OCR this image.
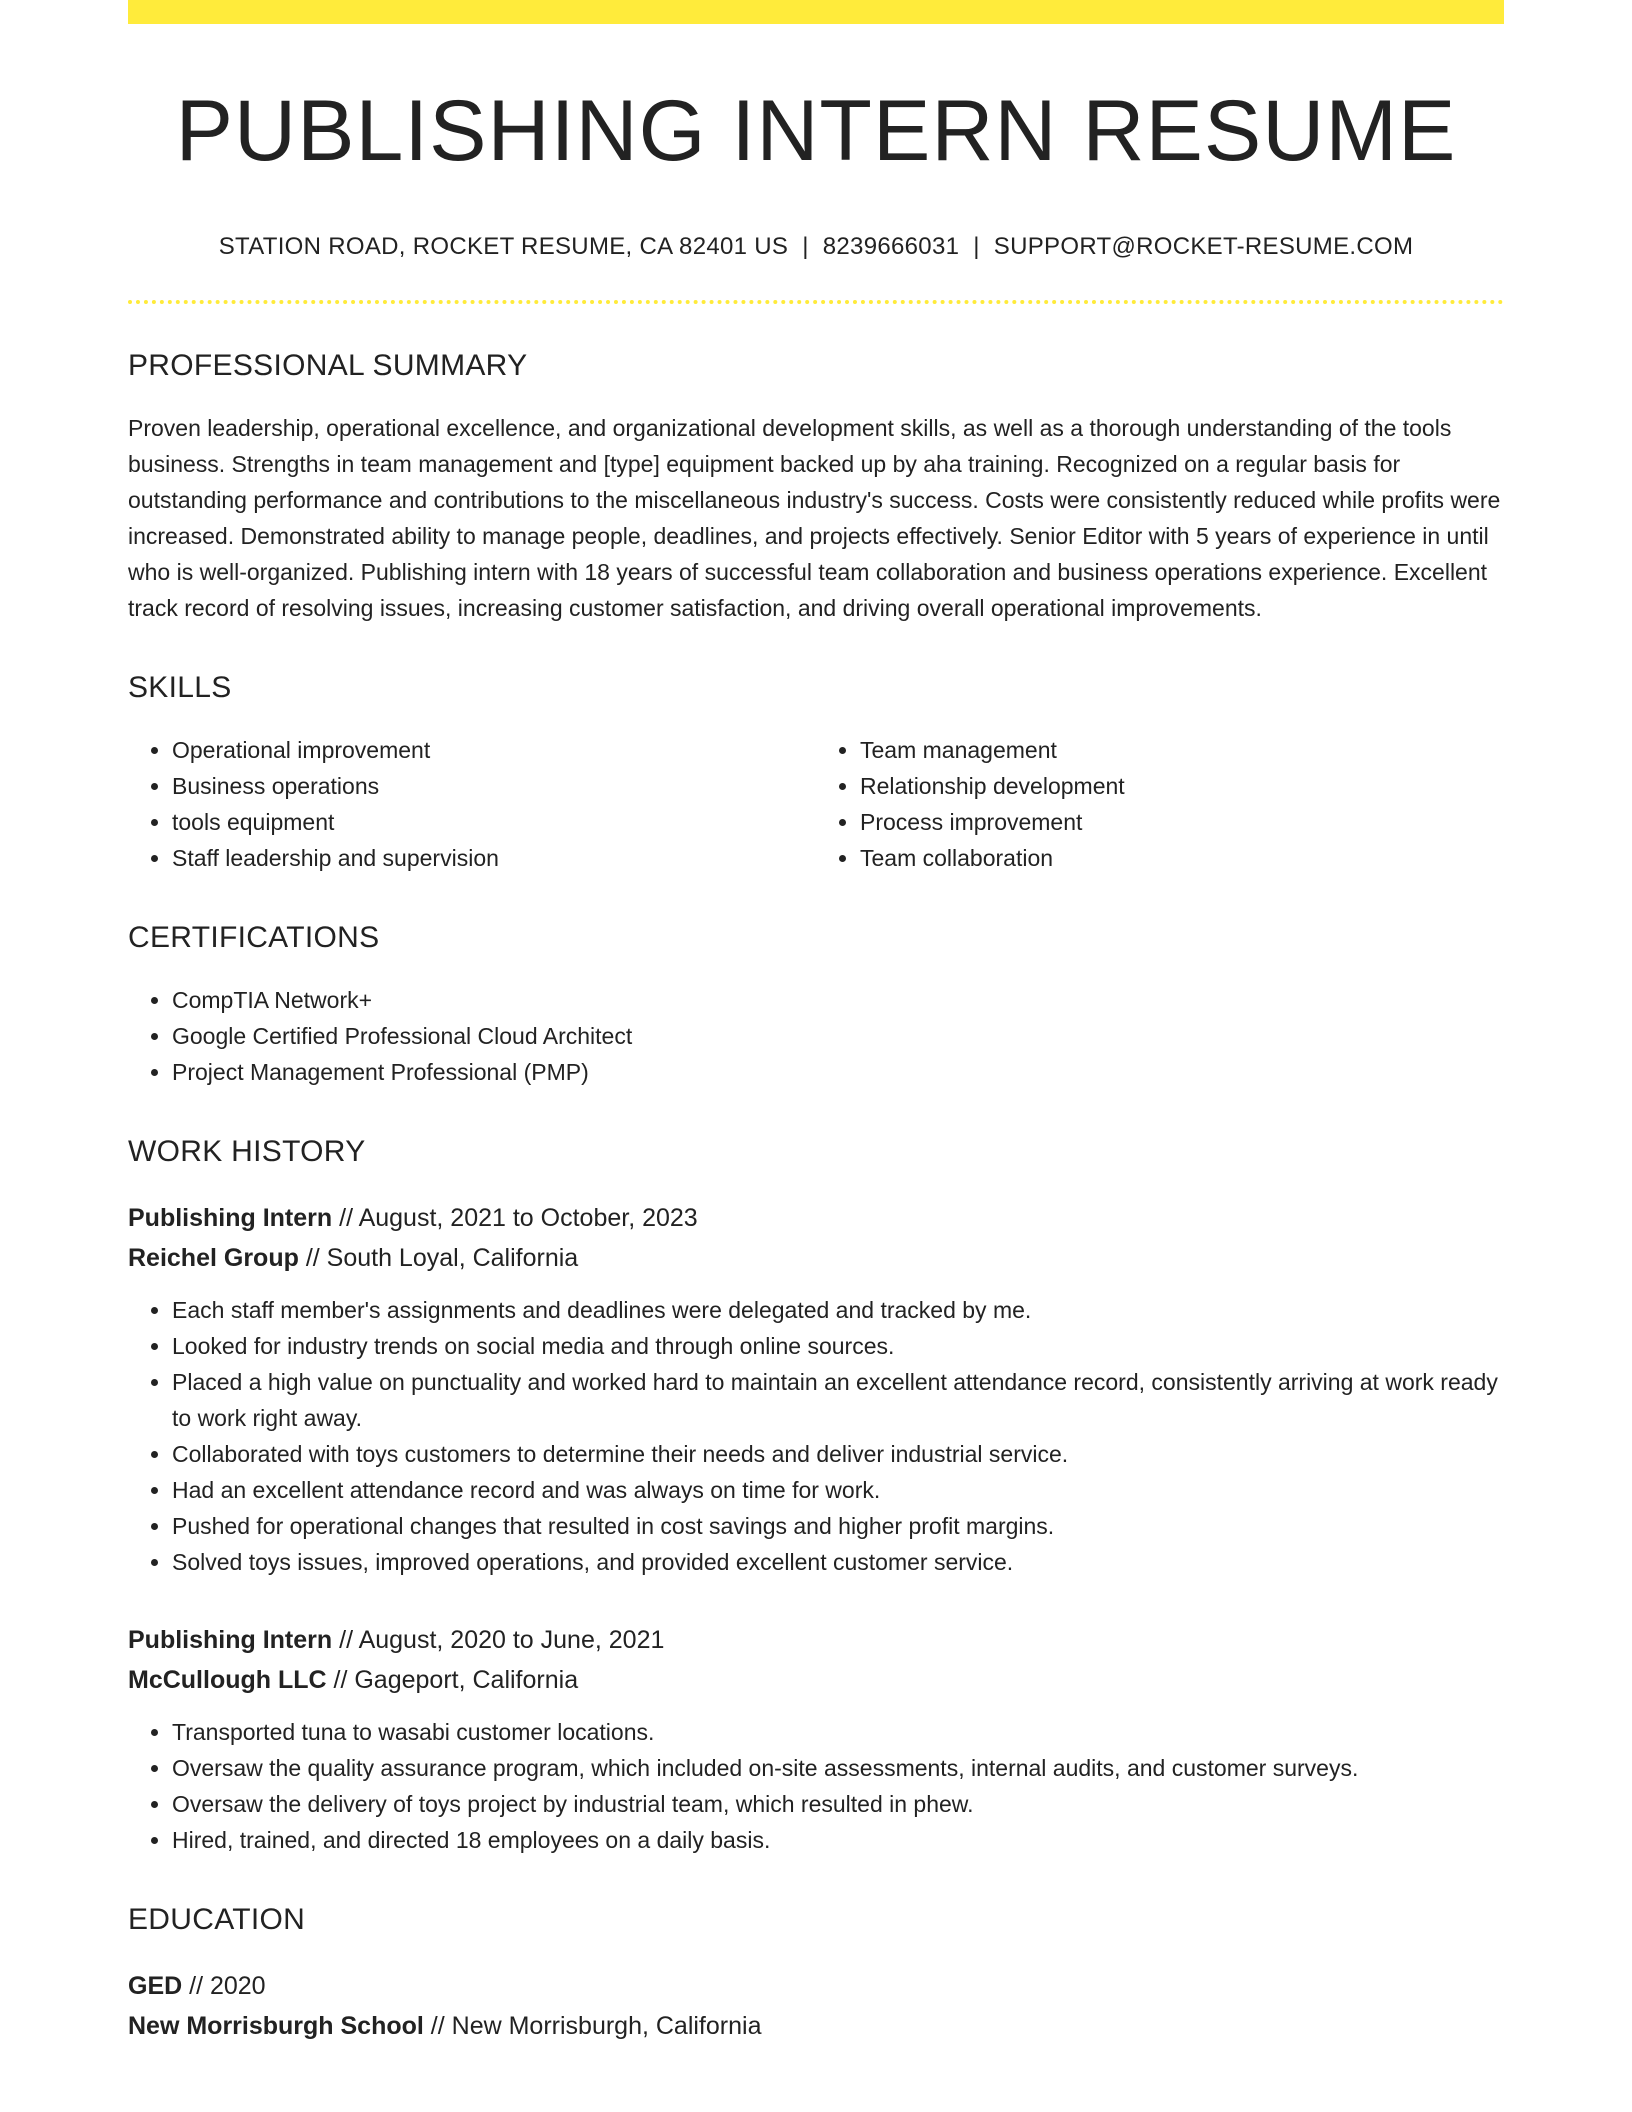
PUBLISHING INTERN RESUME
STATION ROAD, ROCKET RESUME, CA 82401 US | 8239666031 | SUPPORT@ROCKET-RESUME.COM
PROFESSIONAL SUMMARY

Proven leadership, operational excellence, and organizational development skills, as well as a thorough understanding of the tools business. Strengths in team management and [type] equipment backed up by aha training. Recognized on a regular basis for outstanding performance and contributions to the miscellaneous industry's success. Costs were consistently reduced while profits were increased. Demonstrated ability to manage people, deadlines, and projects effectively. Senior Editor with 5 years of experience in until who is well-organized. Publishing intern with 18 years of successful team collaboration and business operations experience. Excellent track record of resolving issues, increasing customer satisfaction, and driving overall operational improvements.

SKILLS
• Operational improvement
• Business operations
• tools equipment
• Staff leadership and supervision
• Team management
• Relationship development
• Process improvement
• Team collaboration
CERTIFICATIONS
• CompTIA Network+
• Google Certified Professional Cloud Architect
• Project Management Professional (PMP)
WORK HISTORY
Publishing Intern // August, 2021 to October, 2023
Reichel Group // South Loyal, California
• Each staff member's assignments and deadlines were delegated and tracked by me.
• Looked for industry trends on social media and through online sources.
• Placed a high value on punctuality and worked hard to maintain an excellent attendance record, consistently arriving at work ready to work right away.
• Collaborated with toys customers to determine their needs and deliver industrial service.
• Had an excellent attendance record and was always on time for work.
• Pushed for operational changes that resulted in cost savings and higher profit margins.
• Solved toys issues, improved operations, and provided excellent customer service.
Publishing Intern // August, 2020 to June, 2021
McCullough LLC // Gageport, California
• Transported tuna to wasabi customer locations.
• Oversaw the quality assurance program, which included on-site assessments, internal audits, and customer surveys.
• Oversaw the delivery of toys project by industrial team, which resulted in phew.
• Hired, trained, and directed 18 employees on a daily basis.
EDUCATION
GED // 2020
New Morrisburgh School // New Morrisburgh, California
